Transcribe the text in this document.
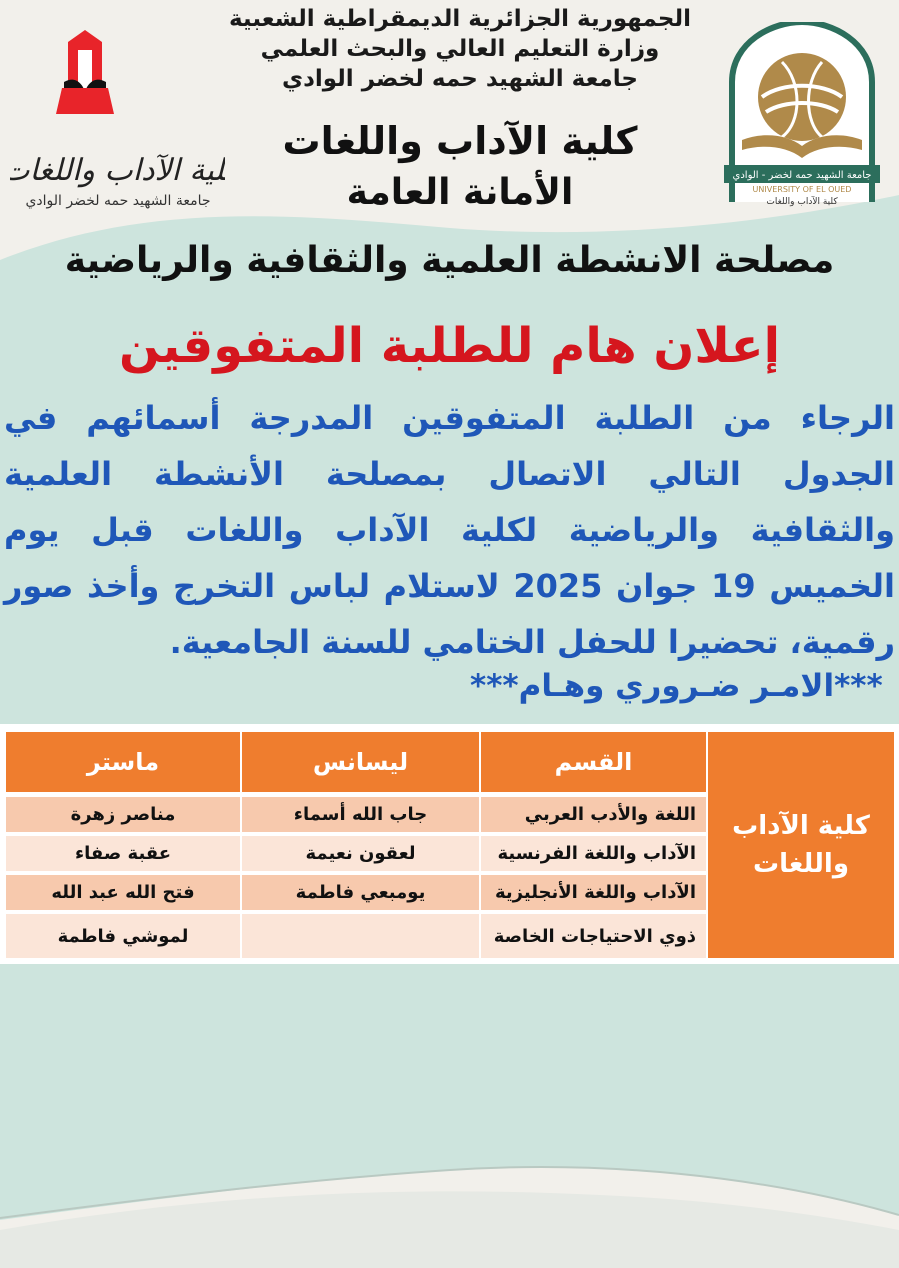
جامعة الشهيد حمه لخضر الوادي
كلية الآداب واللغات	جامعة الشهيد حمه لخضر - الوادي
UNIVERSITY OF EL OUED
كلية الآداب واللغات
الجمهورية الجزائرية الديمقراطية الشعبية
وزارة التعليم العالي والبحث العلمي
جامعة الشهيد حمه لخضر الوادي
كلية الآداب واللغات
الأمانة العامة
مصلحة الانشطة العلمية والثقافية والرياضية
إعلان هام للطلبة المتفوقين
الرجاء من الطلبة المتفوقين المدرجة أسمائهم في الجدول التالي الاتصال بمصلحة الأنشطة العلمية والثقافية والرياضية لكلية الآداب واللغات قبل يوم الخميس 19 جوان 2025 لاستلام لباس التخرج وأخذ صور رقمية، تحضيرا للحفل الختامي للسنة الجامعية.
***الامـر ضـروري وهـام***
كلية الآداب واللغات
القسم
ليسانس
ماستر
اللغة والأدب العربي
جاب الله أسماء
مناصر زهرة
الآداب واللغة الفرنسية
لعقون نعيمة
عقبة صفاء
الآداب واللغة الأنجليزية
يومبعي فاطمة
فتح الله عبد الله
ذوي الاحتياجات الخاصة
لموشي فاطمة
